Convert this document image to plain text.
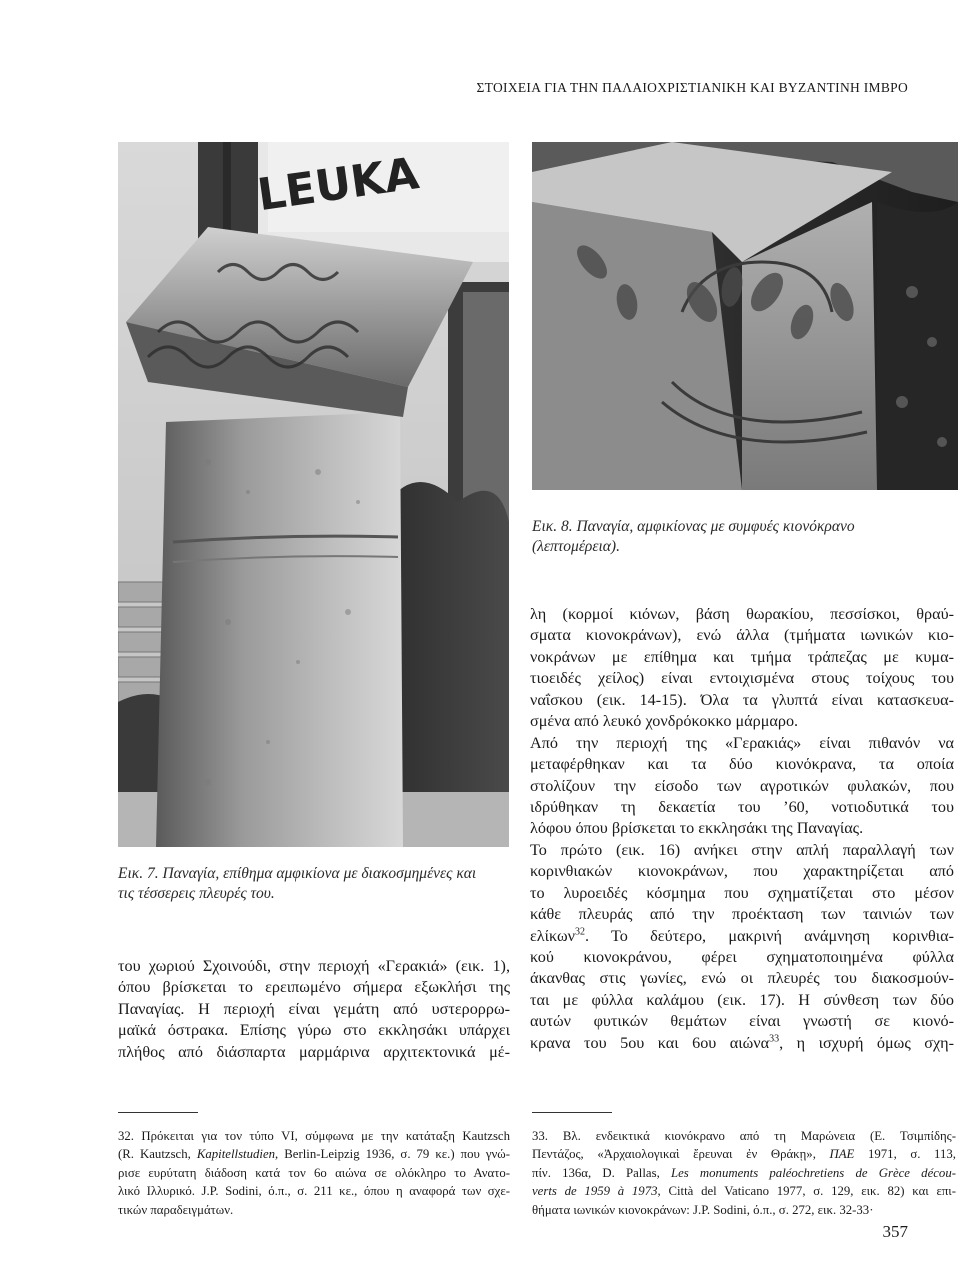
ΣΤΟΙΧΕΙΑ ΓΙΑ ΤΗΝ ΠΑΛΑΙΟΧΡΙΣΤΙΑΝΙΚΗ ΚΑΙ ΒΥΖΑΝΤΙΝΗ ΙΜΒΡΟ
LEUKA
Εικ. 8. Παναγία, αμφικίονας με συμφυές κιονόκρανο
(λεπτομέρεια).
Εικ. 7. Παναγία, επίθημα αμφικίονα με διακοσμημένες και
τις τέσσερεις πλευρές του.
λη (κορμοί κιόνων, βάση θωρακίου, πεσσίσκοι, θραύ-
σματα κιονοκράνων), ενώ άλλα (τμήματα ιωνικών κιο-
νοκράνων με επίθημα και τμήμα τράπεζας με κυμα-
τιοειδές χείλος) είναι εντοιχισμένα στους τοίχους του
ναΐσκου (εικ. 14-15). Όλα τα γλυπτά είναι κατασκευα-
σμένα από λευκό χονδρόκοκκο μάρμαρο.
Από την περιοχή της «Γερακιάς» είναι πιθανόν να
μεταφέρθηκαν και τα δύο κιονόκρανα, τα οποία
στολίζουν την είσοδο των αγροτικών φυλακών, που
ιδρύθηκαν τη δεκαετία του ’60, νοτιοδυτικά του
λόφου όπου βρίσκεται το εκκλησάκι της Παναγίας.
Το πρώτο (εικ. 16) ανήκει στην απλή παραλλαγή των
κορινθιακών κιονοκράνων, που χαρακτηρίζεται από
το λυροειδές κόσμημα που σχηματίζεται στο μέσον
κάθε πλευράς από την προέκταση των ταινιών των
ελίκων$^{32}$. Το δεύτερο, μακρινή ανάμνηση κορινθια-
κού κιονοκράνου, φέρει σχηματοποιημένα φύλλα
άκανθας στις γωνίες, ενώ οι πλευρές του διακοσμούν-
ται με φύλλα καλάμου (εικ. 17). Η σύνθεση των δύο
αυτών φυτικών θεμάτων είναι γνωστή σε κιονό-
κρανα του 5ου και 6ου αιώνα$^{33}$, η ισχυρή όμως σχη-
του χωριού Σχοινούδι, στην περιοχή «Γερακιά» (εικ. 1),
όπου βρίσκεται το ερειπωμένο σήμερα εξωκλήσι της
Παναγίας. Η περιοχή είναι γεμάτη από υστερορρω-
μαϊκά όστρακα. Επίσης γύρω στο εκκλησάκι υπάρχει
πλήθος από διάσπαρτα μαρμάρινα αρχιτεκτονικά μέ-
32. Πρόκειται για τον τύπο VI, σύμφωνα με την κατάταξη Kautzsch
(R. Kautzsch, Kapitellstudien, Berlin-Leipzig 1936, σ. 79 κε.) που γνώ-
ρισε ευρύτατη διάδοση κατά τον 6ο αιώνα σε ολόκληρο το Ανατο-
λικό Ιλλυρικό. J.P. Sodini, ό.π., σ. 211 κε., όπου η αναφορά των σχε-
τικών παραδειγμάτων.
33. Βλ. ενδεικτικά κιονόκρανο από τη Μαρώνεια (Ε. Τσιμπίδης-
Πεντάζος, «Ἀρχαιολογικαὶ ἔρευναι ἐν Θράκῃ», ΠΑΕ 1971, σ. 113,
πίν. 136α, D. Pallas, Les monuments paléochretiens de Grèce décou-
verts de 1959 à 1973, Città del Vaticano 1977, σ. 129, εικ. 82) και επι-
θήματα ιωνικών κιονοκράνων: J.P. Sodini, ό.π., σ. 272, εικ. 32-33·
357
